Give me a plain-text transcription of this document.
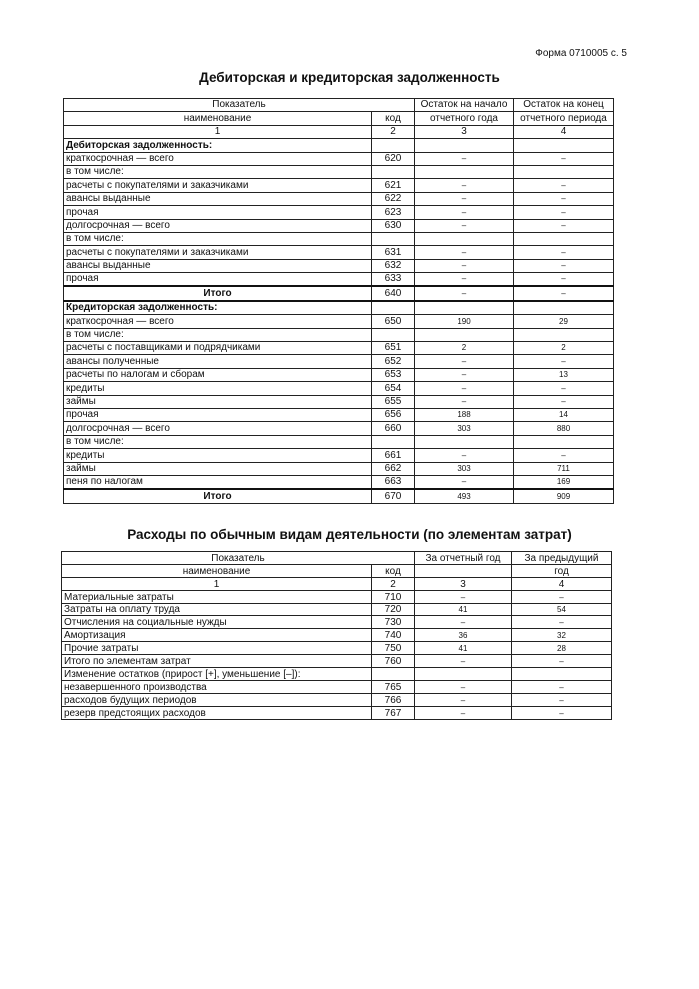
Форма 0710005 с. 5
Дебиторская и кредиторская задолженность
Показатель		Остаток на начало	Остаток на конец
наименование	код	отчетного года	отчетного периода
1	2	3	4
Дебиторская задолженность:			
краткосрочная — всего	620	–	–
в том числе:			
расчеты с покупателями и заказчиками	621	–	–
авансы выданные	622	–	–
прочая	623	–	–
долгосрочная — всего	630	–	–
в том числе:			
расчеты с покупателями и заказчиками	631	–	–
авансы выданные	632	–	–
прочая	633	–	–
Итого	640	–	–
Кредиторская задолженность:			
краткосрочная — всего	650	190	29
в том числе:			
расчеты с поставщиками и подрядчиками	651	2	2
авансы полученные	652	–	–
расчеты по налогам и сборам	653	–	13
кредиты	654	–	–
займы	655	–	–
прочая	656	188	14
долгосрочная — всего	660	303	880
в том числе:			
кредиты	661	–	–
займы	662	303	711
пеня по налогам	663	–	169
Итого	670	493	909
Расходы по обычным видам деятельности (по элементам затрат)
Показатель		За отчетный год	За предыдущий
наименование	код		год
1	2	3	4
Материальные затраты	710	–	–
Затраты на оплату труда	720	41	54
Отчисления на социальные нужды	730	–	–
Амортизация	740	36	32
Прочие затраты	750	41	28
Итого по элементам затрат	760	–	–
Изменение остатков (прирост [+], уменьшение [–]):			
незавершенного производства	765	–	–
расходов будущих периодов	766	–	–
резерв предстоящих расходов	767	–	–
